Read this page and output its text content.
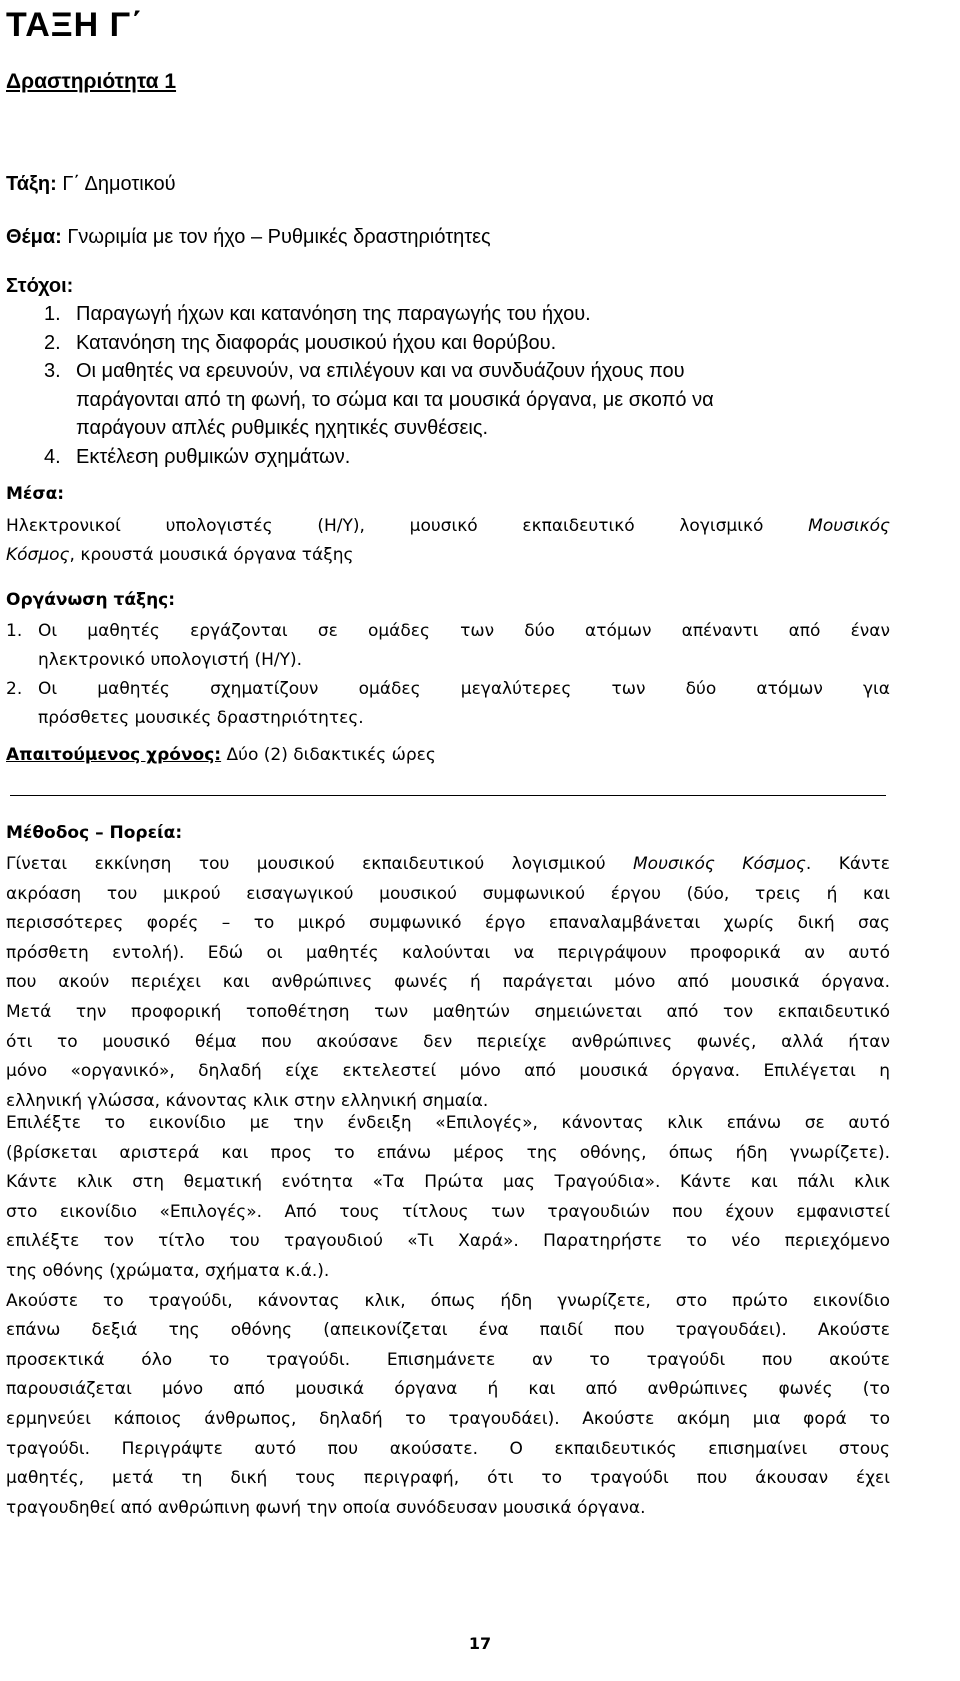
ΤΑΞΗ Γ΄
Δραστηριότητα 1
Τάξη: Γ΄ Δημοτικού
Θέμα: Γνωριμία με τον ήχο – Ρυθμικές δραστηριότητες
Στόχοι:
1. Παραγωγή ήχων και κατανόηση της παραγωγής του ήχου.
2. Κατανόηση της διαφοράς μουσικού ήχου και θορύβου.
3. Οι μαθητές να ερευνούν, να επιλέγουν και να συνδυάζουν ήχους που
παράγονται από τη φωνή, το σώμα και τα μουσικά όργανα, με σκοπό να
παράγουν απλές ρυθμικές ηχητικές συνθέσεις.
4. Εκτέλεση ρυθμικών σχημάτων.
Μέσα:
Ηλεκτρονικοί υπολογιστές (Η/Υ), μουσικό εκπαιδευτικό λογισμικό Μουσικός
Κόσμος, κρουστά μουσικά όργανα τάξης
Οργάνωση τάξης:
1. Οι μαθητές εργάζονται σε ομάδες των δύο ατόμων απέναντι από έναν
ηλεκτρονικό υπολογιστή (Η/Υ).
2. Οι μαθητές σχηματίζουν ομάδες μεγαλύτερες των δύο ατόμων για
πρόσθετες μουσικές δραστηριότητες.
Απαιτούμενος χρόνος: Δύο (2) διδακτικές ώρες
Μέθοδος – Πορεία:
Γίνεται εκκίνηση του μουσικού εκπαιδευτικού λογισμικού Μουσικός Κόσμος. Κάντε
ακρόαση του μικρού εισαγωγικού μουσικού συμφωνικού έργου (δύο, τρεις ή και
περισσότερες φορές – το μικρό συμφωνικό έργο επαναλαμβάνεται χωρίς δική σας
πρόσθετη εντολή). Εδώ οι μαθητές καλούνται να περιγράψουν προφορικά αν αυτό
που ακούν περιέχει και ανθρώπινες φωνές ή παράγεται μόνο από μουσικά όργανα.
Μετά την προφορική τοποθέτηση των μαθητών σημειώνεται από τον εκπαιδευτικό
ότι το μουσικό θέμα που ακούσανε δεν περιείχε ανθρώπινες φωνές, αλλά ήταν
μόνο «οργανικό», δηλαδή είχε εκτελεστεί μόνο από μουσικά όργανα. Επιλέγεται η
ελληνική γλώσσα, κάνοντας κλικ στην ελληνική σημαία.
Επιλέξτε το εικονίδιο με την ένδειξη «Επιλογές», κάνοντας κλικ επάνω σε αυτό
(βρίσκεται αριστερά και προς το επάνω μέρος της οθόνης, όπως ήδη γνωρίζετε).
Κάντε κλικ στη θεματική ενότητα «Τα Πρώτα μας Τραγούδια». Κάντε και πάλι κλικ
στο εικονίδιο «Επιλογές». Από τους τίτλους των τραγουδιών που έχουν εμφανιστεί
επιλέξτε τον τίτλο του τραγουδιού «Τι Χαρά». Παρατηρήστε το νέο περιεχόμενο
της οθόνης (χρώματα, σχήματα κ.ά.).
Ακούστε το τραγούδι, κάνοντας κλικ, όπως ήδη γνωρίζετε, στο πρώτο εικονίδιο
επάνω δεξιά της οθόνης (απεικονίζεται ένα παιδί που τραγουδάει). Ακούστε
προσεκτικά όλο το τραγούδι. Επισημάνετε αν το τραγούδι που ακούτε
παρουσιάζεται μόνο από μουσικά όργανα ή και από ανθρώπινες φωνές (το
ερμηνεύει κάποιος άνθρωπος, δηλαδή το τραγουδάει). Ακούστε ακόμη μια φορά το
τραγούδι. Περιγράψτε αυτό που ακούσατε. Ο εκπαιδευτικός επισημαίνει στους
μαθητές, μετά τη δική τους περιγραφή, ότι το τραγούδι που άκουσαν έχει
τραγουδηθεί από ανθρώπινη φωνή την οποία συνόδευσαν μουσικά όργανα.
17
